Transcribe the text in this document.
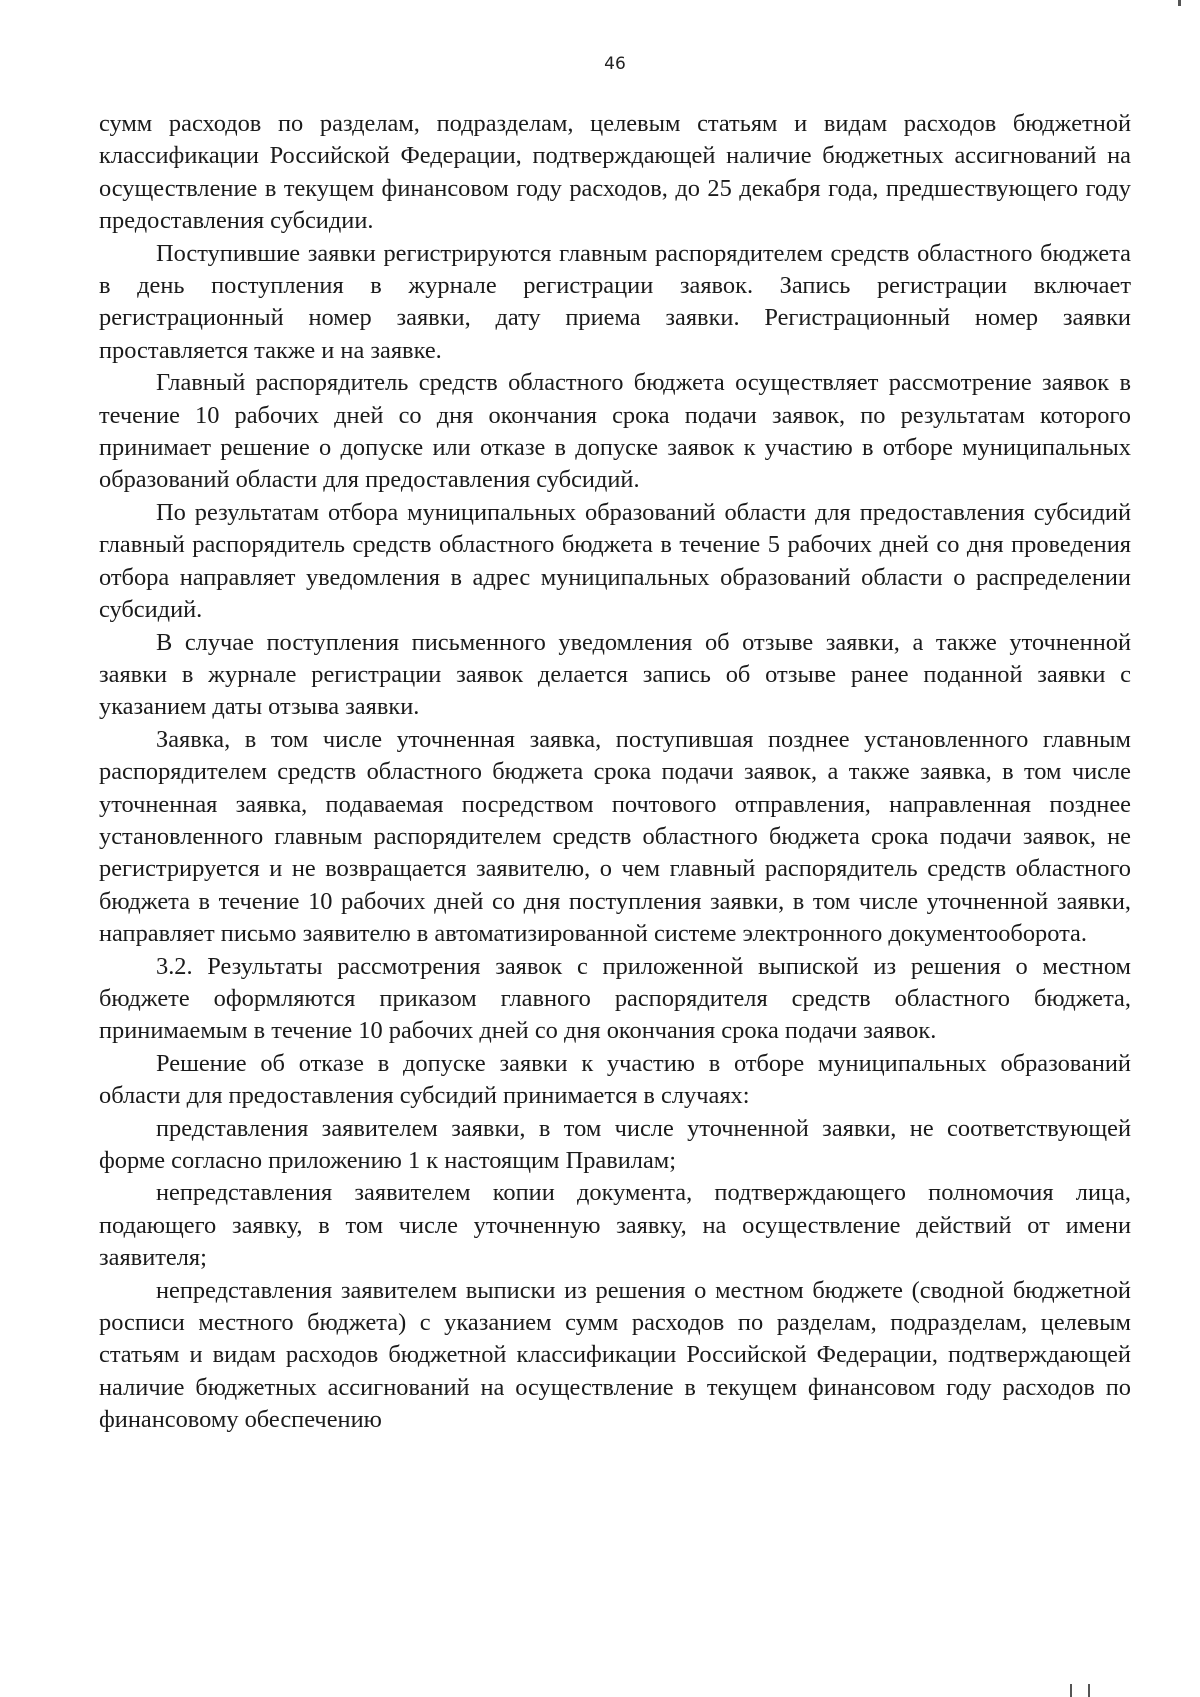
46

сумм расходов по разделам, подразделам, целевым статьям и видам расходов бюджетной классификации Российской Федерации, подтверждающей наличие бюджетных ассигнований на осуществление в текущем финансовом году расходов, до 25 декабря года, предшествующего году предоставления субсидии.

Поступившие заявки регистрируются главным распорядителем средств областного бюджета в день поступления в журнале регистрации заявок. Запись регистрации включает регистрационный номер заявки, дату приема заявки. Регистрационный номер заявки проставляется также и на заявке.

Главный распорядитель средств областного бюджета осуществляет рассмотрение заявок в течение 10 рабочих дней со дня окончания срока подачи заявок, по результатам которого принимает решение о допуске или отказе в допуске заявок к участию в отборе муниципальных образований области для предоставления субсидий.

По результатам отбора муниципальных образований области для предоставления субсидий главный распорядитель средств областного бюджета в течение 5 рабочих дней со дня проведения отбора направляет уведомления в адрес муниципальных образований области о распределении субсидий.

В случае поступления письменного уведомления об отзыве заявки, а также уточненной заявки в журнале регистрации заявок делается запись об отзыве ранее поданной заявки с указанием даты отзыва заявки.

Заявка, в том числе уточненная заявка, поступившая позднее установленного главным распорядителем средств областного бюджета срока подачи заявок, а также заявка, в том числе уточненная заявка, подаваемая посредством почтового отправления, направленная позднее установленного главным распорядителем средств областного бюджета срока подачи заявок, не регистрируется и не возвращается заявителю, о чем главный распорядитель средств областного бюджета в течение 10 рабочих дней со дня поступления заявки, в том числе уточненной заявки, направляет письмо заявителю в автоматизированной системе электронного документооборота.

3.2. Результаты рассмотрения заявок с приложенной выпиской из решения о местном бюджете оформляются приказом главного распорядителя средств областного бюджета, принимаемым в течение 10 рабочих дней со дня окончания срока подачи заявок.

Решение об отказе в допуске заявки к участию в отборе муниципальных образований области для предоставления субсидий принимается в случаях:

представления заявителем заявки, в том числе уточненной заявки, не соответствующей форме согласно приложению 1 к настоящим Правилам;

непредставления заявителем копии документа, подтверждающего полномочия лица, подающего заявку, в том числе уточненную заявку, на осуществление действий от имени заявителя;

непредставления заявителем выписки из решения о местном бюджете (сводной бюджетной росписи местного бюджета) с указанием сумм расходов по разделам, подразделам, целевым статьям и видам расходов бюджетной классификации Российской Федерации, подтверждающей наличие бюджетных ассигнований на осуществление в текущем финансовом году расходов по финансовому обеспечению
